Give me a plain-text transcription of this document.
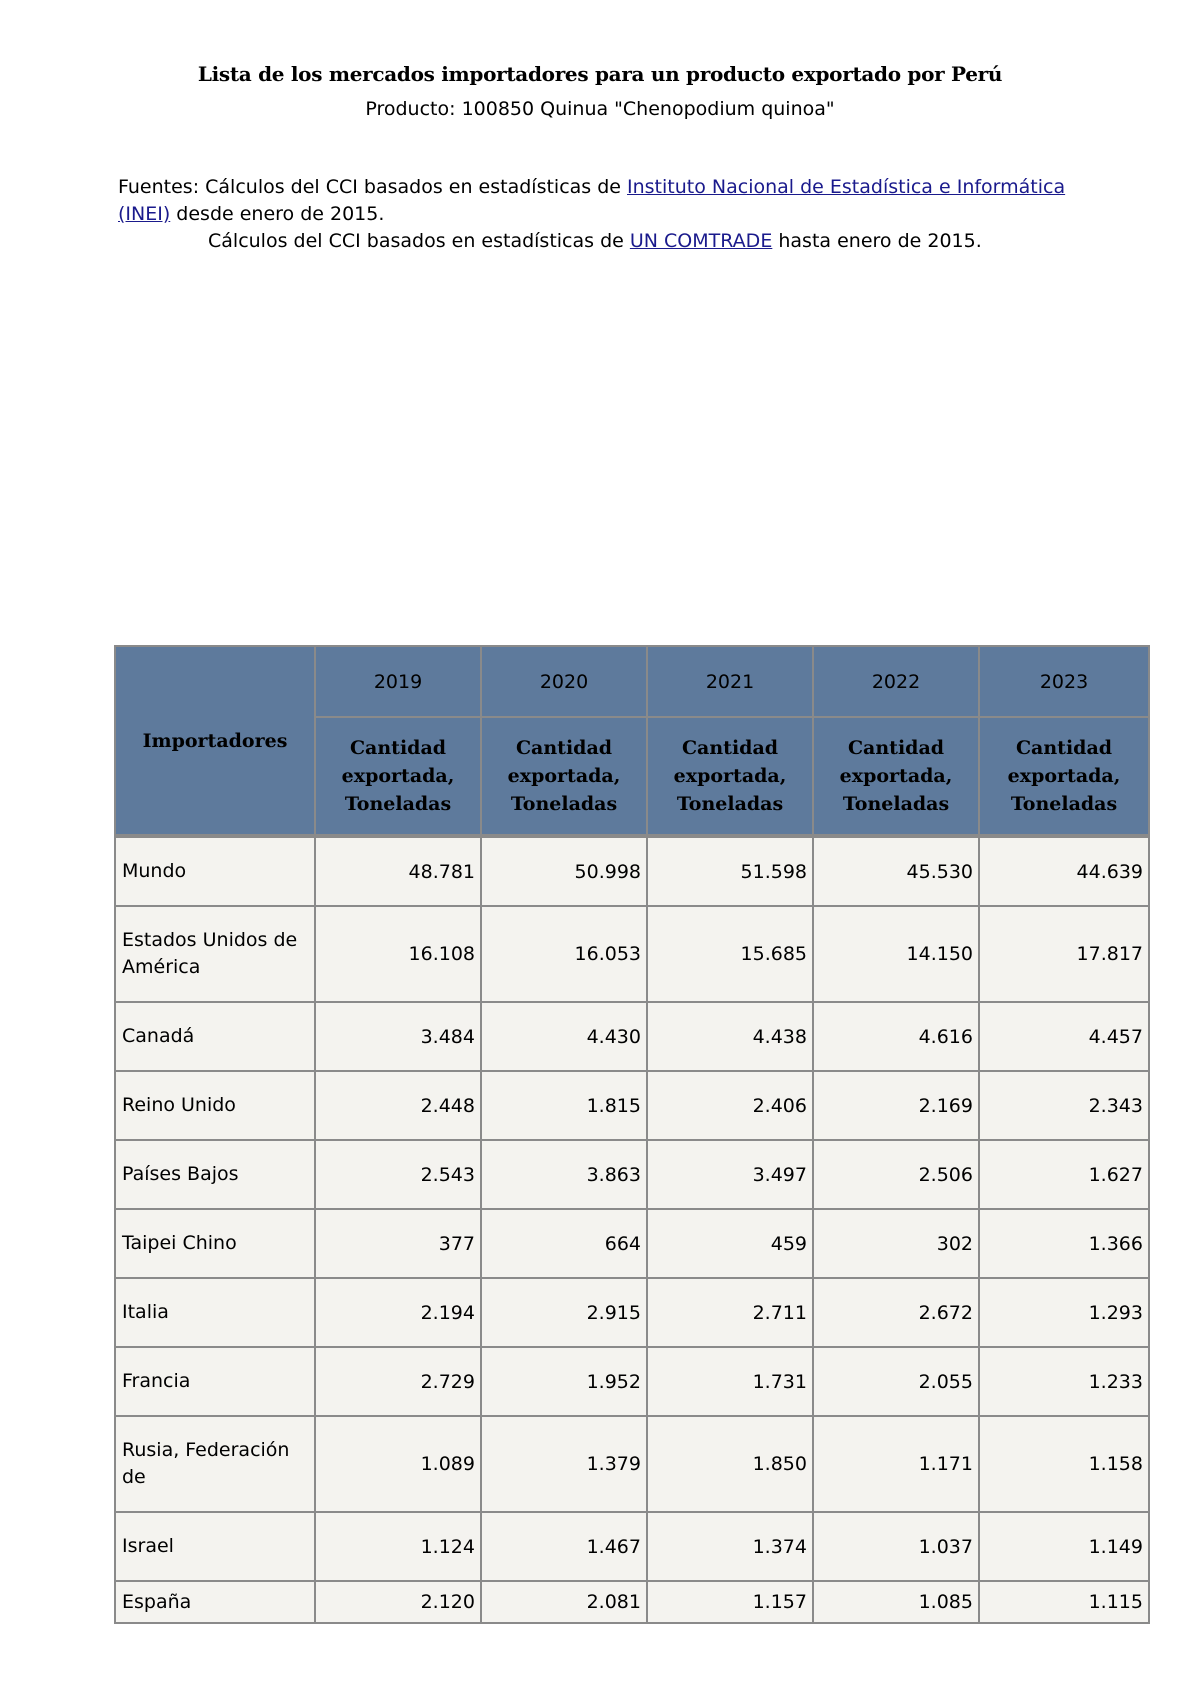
Lista de los mercados importadores para un producto exportado por Perú
Producto: 100850 Quinua "Chenopodium quinoa"
Fuentes: Cálculos del CCI basados en estadísticas de Instituto Nacional de Estadística e Informática (INEI) desde enero de 2015.
Cálculos del CCI basados en estadísticas de UN COMTRADE hasta enero de 2015.
Importadores	2019	2020	2021	2022	2023
	Cantidad exportada, Toneladas	Cantidad exportada, Toneladas	Cantidad exportada, Toneladas	Cantidad exportada, Toneladas	Cantidad exportada, Toneladas
Mundo	48.781	50.998	51.598	45.530	44.639
Estados Unidos de América	16.108	16.053	15.685	14.150	17.817
Canadá	3.484	4.430	4.438	4.616	4.457
Reino Unido	2.448	1.815	2.406	2.169	2.343
Países Bajos	2.543	3.863	3.497	2.506	1.627
Taipei Chino	377	664	459	302	1.366
Italia	2.194	2.915	2.711	2.672	1.293
Francia	2.729	1.952	1.731	2.055	1.233
Rusia, Federación de	1.089	1.379	1.850	1.171	1.158
Israel	1.124	1.467	1.374	1.037	1.149
España	2.120	2.081	1.157	1.085	1.115
